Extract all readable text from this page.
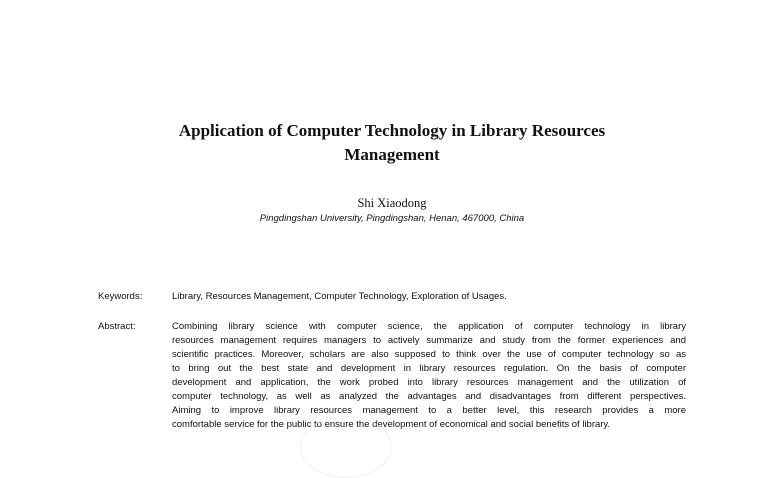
Application of Computer Technology in Library Resources
Management
Shi Xiaodong
Pingdingshan University, Pingdingshan, Henan, 467000, China
Keywords:	Library, Resources Management, Computer Technology, Exploration of Usages.
Abstract:	Combining library science with computer science, the application of computer technology in library
resources management requires managers to actively summarize and study from the former experiences and
scientific practices. Moreover, scholars are also supposed to think over the use of computer technology so as
to bring out the best state and development in library resources regulation. On the basis of computer
development and application, the work probed into library resources management and the utilization of
computer technology, as well as analyzed the advantages and disadvantages from different perspectives.
Aiming to improve library resources management to a better level, this research provides a more
comfortable service for the public to ensure the development of economical and social benefits of library.
